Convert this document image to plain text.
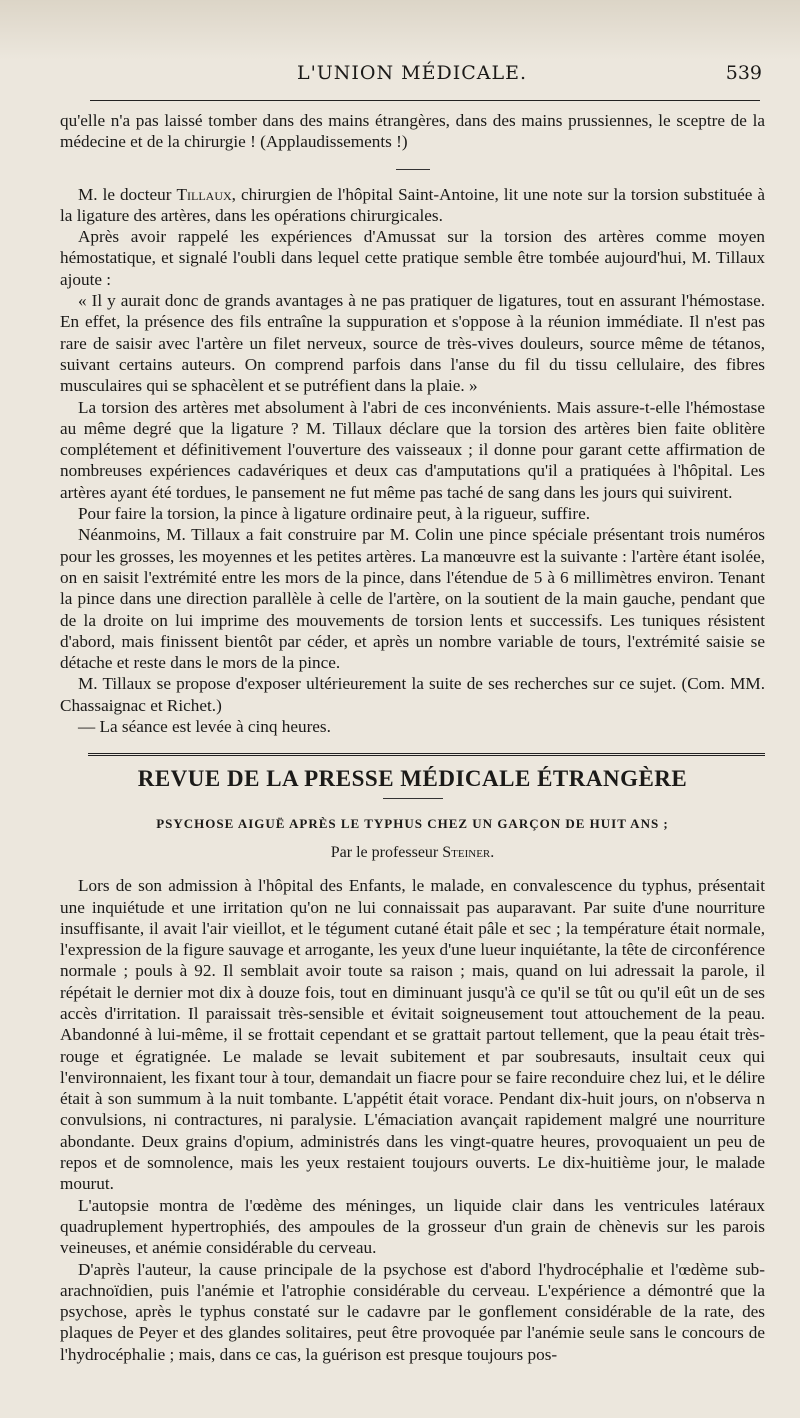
L'UNION MÉDICALE.	539

qu'elle n'a pas laissé tomber dans des mains étrangères, dans des mains prussiennes, le sceptre de la médecine et de la chirurgie ! (Applaudissements !)

M. le docteur Tillaux, chirurgien de l'hôpital Saint-Antoine, lit une note sur la torsion substituée à la ligature des artères, dans les opérations chirurgicales.

Après avoir rappelé les expériences d'Amussat sur la torsion des artères comme moyen hémostatique, et signalé l'oubli dans lequel cette pratique semble être tombée aujourd'hui, M. Tillaux ajoute :

« Il y aurait donc de grands avantages à ne pas pratiquer de ligatures, tout en assurant l'hémostase. En effet, la présence des fils entraîne la suppuration et s'oppose à la réunion immédiate. Il n'est pas rare de saisir avec l'artère un filet nerveux, source de très-vives douleurs, source même de tétanos, suivant certains auteurs. On comprend parfois dans l'anse du fil du tissu cellulaire, des fibres musculaires qui se sphacèlent et se putréfient dans la plaie. »

La torsion des artères met absolument à l'abri de ces inconvénients. Mais assure-t-elle l'hémostase au même degré que la ligature ? M. Tillaux déclare que la torsion des artères bien faite oblitère complétement et définitivement l'ouverture des vaisseaux ; il donne pour garant cette affirmation de nombreuses expériences cadavériques et deux cas d'amputations qu'il a pratiquées à l'hôpital. Les artères ayant été tordues, le pansement ne fut même pas taché de sang dans les jours qui suivirent.

Pour faire la torsion, la pince à ligature ordinaire peut, à la rigueur, suffire.

Néanmoins, M. Tillaux a fait construire par M. Colin une pince spéciale présentant trois numéros pour les grosses, les moyennes et les petites artères. La manœuvre est la suivante : l'artère étant isolée, on en saisit l'extrémité entre les mors de la pince, dans l'étendue de 5 à 6 millimètres environ. Tenant la pince dans une direction parallèle à celle de l'artère, on la soutient de la main gauche, pendant que de la droite on lui imprime des mouvements de torsion lents et successifs. Les tuniques résistent d'abord, mais finissent bientôt par céder, et après un nombre variable de tours, l'extrémité saisie se détache et reste dans le mors de la pince.

M. Tillaux se propose d'exposer ultérieurement la suite de ses recherches sur ce sujet. (Com. MM. Chassaignac et Richet.)

— La séance est levée à cinq heures.

REVUE DE LA PRESSE MÉDICALE ÉTRANGÈRE
PSYCHOSE AIGUË APRÈS LE TYPHUS CHEZ UN GARÇON DE HUIT ANS ;
Par le professeur Steiner.

Lors de son admission à l'hôpital des Enfants, le malade, en convalescence du typhus, présentait une inquiétude et une irritation qu'on ne lui connaissait pas auparavant. Par suite d'une nourriture insuffisante, il avait l'air vieillot, et le tégument cutané était pâle et sec ; la température était normale, l'expression de la figure sauvage et arrogante, les yeux d'une lueur inquiétante, la tête de circonférence normale ; pouls à 92. Il semblait avoir toute sa raison ; mais, quand on lui adressait la parole, il répétait le dernier mot dix à douze fois, tout en diminuant jusqu'à ce qu'il se tût ou qu'il eût un de ses accès d'irritation. Il paraissait très-sensible et évitait soigneusement tout attouchement de la peau. Abandonné à lui-même, il se frottait cependant et se grattait partout tellement, que la peau était très-rouge et égratignée. Le malade se levait subitement et par soubresauts, insultait ceux qui l'environnaient, les fixant tour à tour, demandait un fiacre pour se faire reconduire chez lui, et le délire était à son summum à la nuit tombante. L'appétit était vorace. Pendant dix-huit jours, on n'observa n convulsions, ni contractures, ni paralysie. L'émaciation avançait rapidement malgré une nourriture abondante. Deux grains d'opium, administrés dans les vingt-quatre heures, provoquaient un peu de repos et de somnolence, mais les yeux restaient toujours ouverts. Le dix-huitième jour, le malade mourut.

L'autopsie montra de l'œdème des méninges, un liquide clair dans les ventricules latéraux quadruplement hypertrophiés, des ampoules de la grosseur d'un grain de chènevis sur les parois veineuses, et anémie considérable du cerveau.

D'après l'auteur, la cause principale de la psychose est d'abord l'hydrocéphalie et l'œdème sub-arachnoïdien, puis l'anémie et l'atrophie considérable du cerveau. L'expérience a démontré que la psychose, après le typhus constaté sur le cadavre par le gonflement considérable de la rate, des plaques de Peyer et des glandes solitaires, peut être provoquée par l'anémie seule sans le concours de l'hydrocéphalie ; mais, dans ce cas, la guérison est presque toujours pos-
